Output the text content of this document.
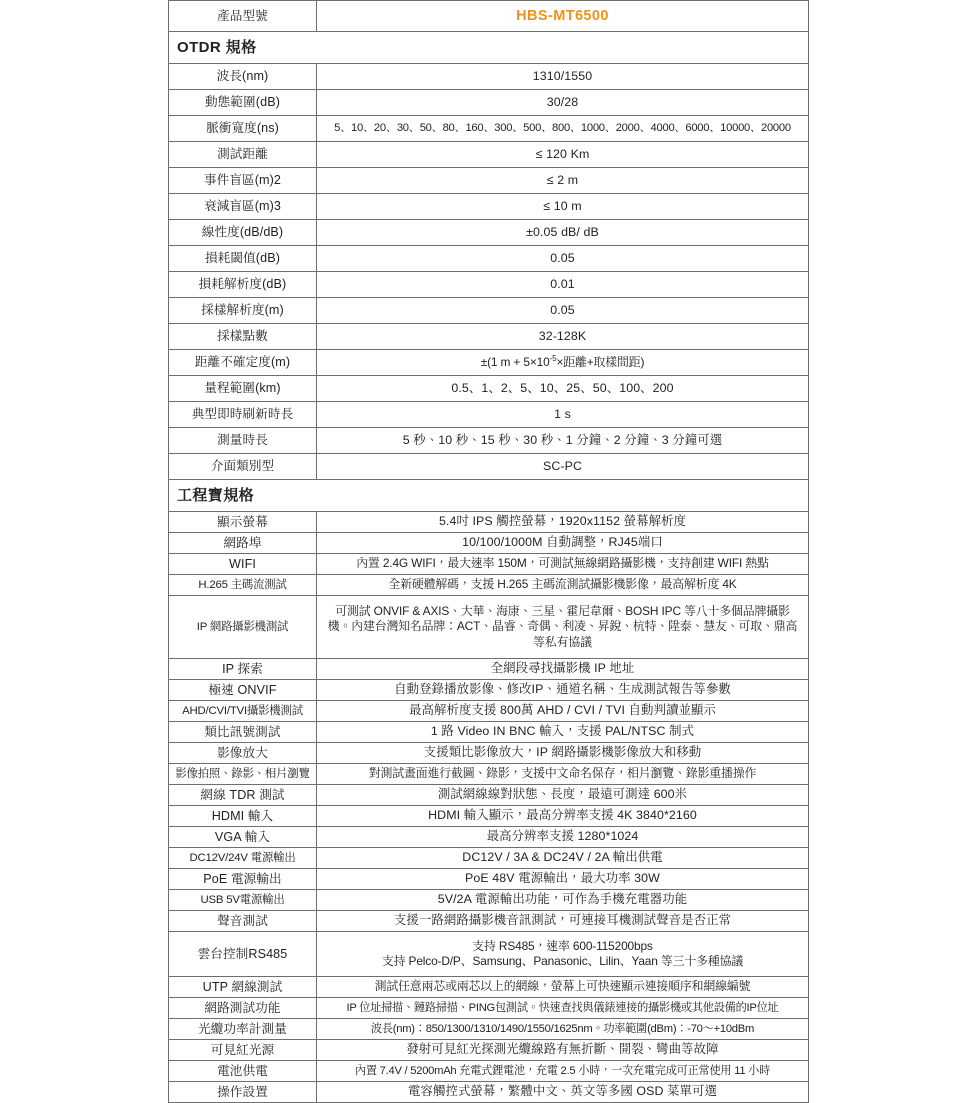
產品型號	HBS-MT6500
OTDR 規格	
波長(nm)	1310/1550
動態範圍(dB)	30/28
脈衝寬度(ns)	5、10、20、30、50、80、160、300、500、800、1000、2000、4000、6000、10000、20000
測試距離	≤ 120 Km
事件盲區(m)2	≤ 2 m
衰減盲區(m)3	≤ 10 m
線性度(dB/dB)	±0.05 dB/ dB
損耗閾值(dB)	0.05
損耗解析度(dB)	0.01
採樣解析度(m)	0.05
採樣點數	32-128K
距離不確定度(m)	±(1 $m + 5\times 10^{-5}\times$距離+取樣間距)
量程範圍(km)	0.5、1、2、5、10、25、50、100、200
典型即時刷新時長	1 s
測量時長	5 秒、10 秒、15 秒、30 秒、1 分鐘、2 分鐘、3 分鐘可選
介面類別型	SC-PC
工程寶規格	
顯示螢幕	5.4吋 IPS 觸控螢幕，1920x1152 螢幕解析度
網路埠	10/100/1000M 自動調整，RJ45端口
WIFI	內置 2.4G WIFI，最大速率 150M，可測試無線網路攝影機，支持創建 WIFI 熱點
H.265 主碼流測試	全新硬體解碼，支援 H.265 主碼流測試攝影機影像，最高解析度 4K
IP 網路攝影機測試	可測試 ONVIF & AXIS、大華、海康、三星、霍尼韋爾、BOSH IPC 等八十多個品牌攝影
機。內建台灣知名品牌：ACT、晶睿、奇偶、利凌、昇銳、杭特、陞泰、慧友、可取、鼎高
等私有協議

IP 探索	全網段尋找攝影機 IP 地址
極速 ONVIF	自動登錄播放影像、修改IP、通道名稱、生成測試報告等參數
AHD/CVI/TVI攝影機測試	最高解析度支援 800萬 AHD / CVI / TVI 自動判讀並顯示
類比訊號測試	1 路 Video IN BNC 輸入，支援 PAL/NTSC 制式
影像放大	支援類比影像放大，IP 網路攝影機影像放大和移動
影像拍照、錄影、相片瀏覽	對測試畫面進行截圖、錄影，支援中文命名保存，相片瀏覽、錄影重播操作
網線 TDR 測試	測試網線線對狀態、長度，最遠可測達 600米
HDMI 輸入	HDMI 輸入顯示，最高分辨率支援 4K 3840*2160
VGA 輸入	最高分辨率支援 1280*1024
DC12V/24V 電源輸出	DC12V / 3A & DC24V / 2A 輸出供電
PoE 電源輸出	PoE 48V 電源輸出，最大功率 30W
USB 5V電源輸出	5V/2A 電源輸出功能，可作為手機充電器功能
聲音測試	支援一路網路攝影機音訊測試，可連接耳機測試聲音是否正常
雲台控制RS485	支持 RS485，速率 600-115200bps
支持 Pelco-D/P、Samsung、Panasonic、Lilin、Yaan 等三十多種協議

UTP 網線測試	測試任意兩芯或兩芯以上的網線，螢幕上可快速顯示連接順序和網線編號
網路測試功能	IP 位址掃描、鏈路掃描、PING包測試。快速查找與儀錶連接的攝影機或其他設備的IP位址
光纜功率計測量	波長(nm)：850/1300/1310/1490/1550/1625nm。功率範圍(dBm)：-70～+10dBm
可見紅光源	發射可見紅光探測光纜線路有無折斷、開裂、彎曲等故障
電池供電	內置 7.4V / 5200mAh 充電式鋰電池，充電 2.5 小時，一次充電完成可正常使用 11 小時
操作設置	電容觸控式螢幕，繁體中文、英文等多國 OSD 菜單可選
